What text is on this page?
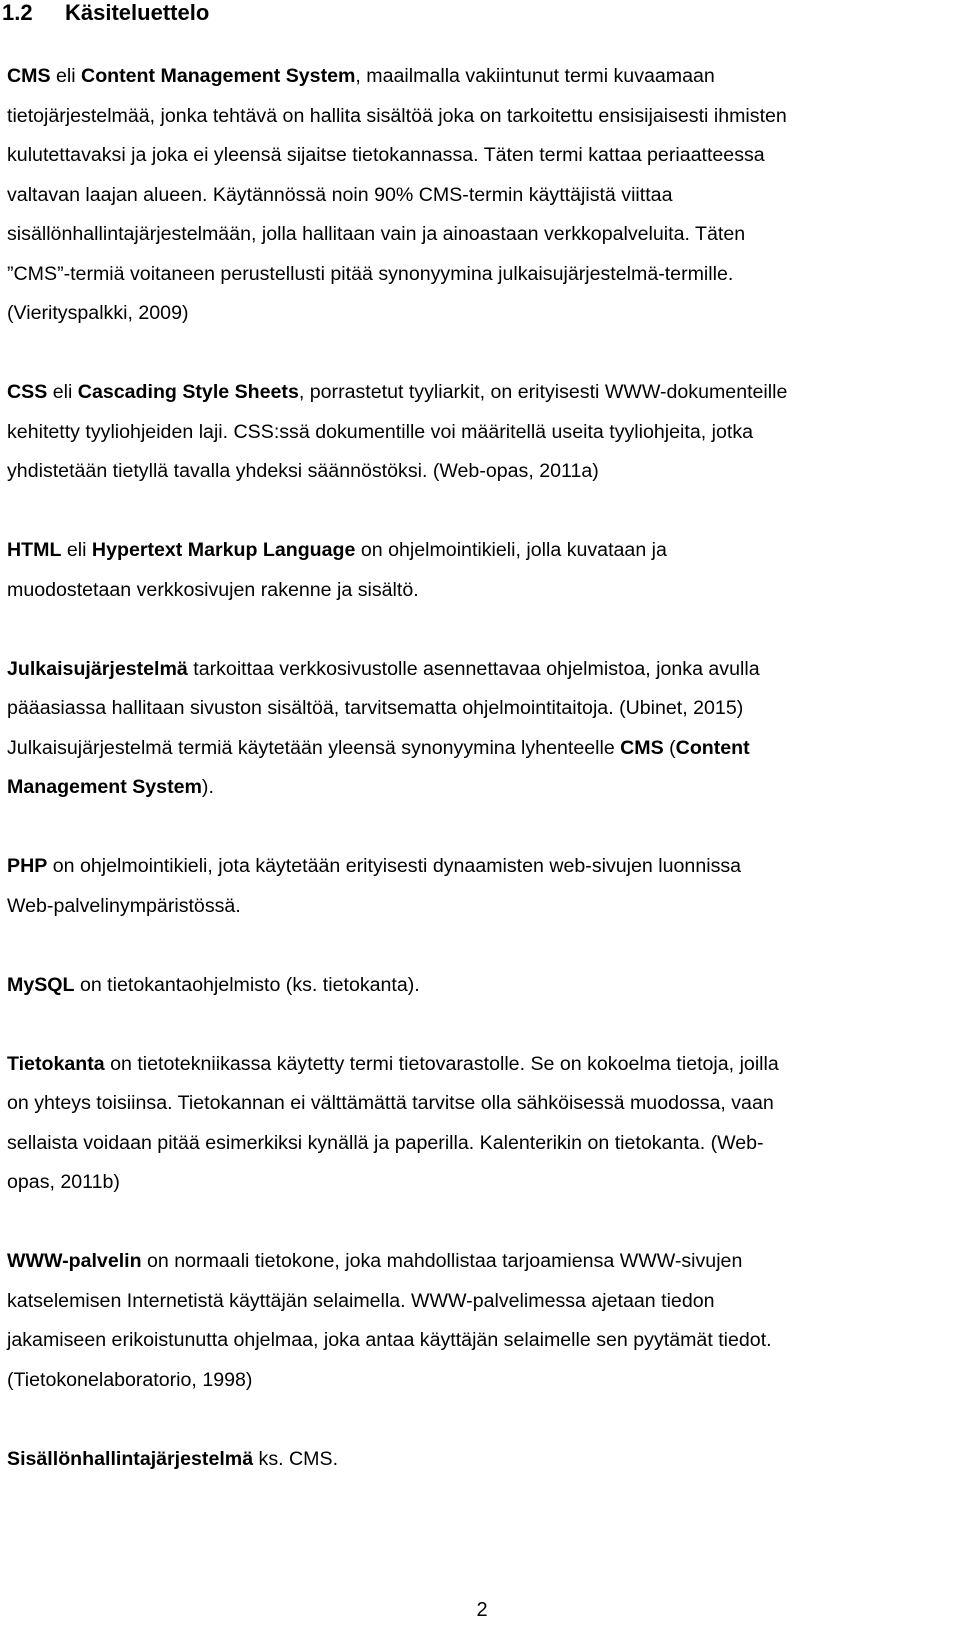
1.2 Käsiteluettelo

CMS eli Content Management System, maailmalla vakiintunut termi kuvaamaan
tietojärjestelmää, jonka tehtävä on hallita sisältöä joka on tarkoitettu ensisijaisesti ihmisten
kulutettavaksi ja joka ei yleensä sijaitse tietokannassa. Täten termi kattaa periaatteessa
valtavan laajan alueen. Käytännössä noin 90% CMS-termin käyttäjistä viittaa
sisällönhallintajärjestelmään, jolla hallitaan vain ja ainoastaan verkkopalveluita. Täten
”CMS”-termiä voitaneen perustellusti pitää synonyymina julkaisujärjestelmä-termille.
(Vierityspalkki, 2009)

CSS eli Cascading Style Sheets, porrastetut tyyliarkit, on erityisesti WWW-dokumenteille
kehitetty tyyliohjeiden laji. CSS:ssä dokumentille voi määritellä useita tyyliohjeita, jotka
yhdistetään tietyllä tavalla yhdeksi säännöstöksi. (Web-opas, 2011a)

HTML eli Hypertext Markup Language on ohjelmointikieli, jolla kuvataan ja
muodostetaan verkkosivujen rakenne ja sisältö.

Julkaisujärjestelmä tarkoittaa verkkosivustolle asennettavaa ohjelmistoa, jonka avulla
pääasiassa hallitaan sivuston sisältöä, tarvitsematta ohjelmointitaitoja. (Ubinet, 2015)
Julkaisujärjestelmä termiä käytetään yleensä synonyymina lyhenteelle CMS (Content
Management System).

PHP on ohjelmointikieli, jota käytetään erityisesti dynaamisten web-sivujen luonnissa
Web-palvelinympäristössä.

MySQL on tietokantaohjelmisto (ks. tietokanta).

Tietokanta on tietotekniikassa käytetty termi tietovarastolle. Se on kokoelma tietoja, joilla
on yhteys toisiinsa. Tietokannan ei välttämättä tarvitse olla sähköisessä muodossa, vaan
sellaista voidaan pitää esimerkiksi kynällä ja paperilla. Kalenterikin on tietokanta. (Web-
opas, 2011b)

WWW-palvelin on normaali tietokone, joka mahdollistaa tarjoamiensa WWW-sivujen
katselemisen Internetistä käyttäjän selaimella. WWW-palvelimessa ajetaan tiedon
jakamiseen erikoistunutta ohjelmaa, joka antaa käyttäjän selaimelle sen pyytämät tiedot.
(Tietokonelaboratorio, 1998)

Sisällönhallintajärjestelmä ks. CMS.

2
